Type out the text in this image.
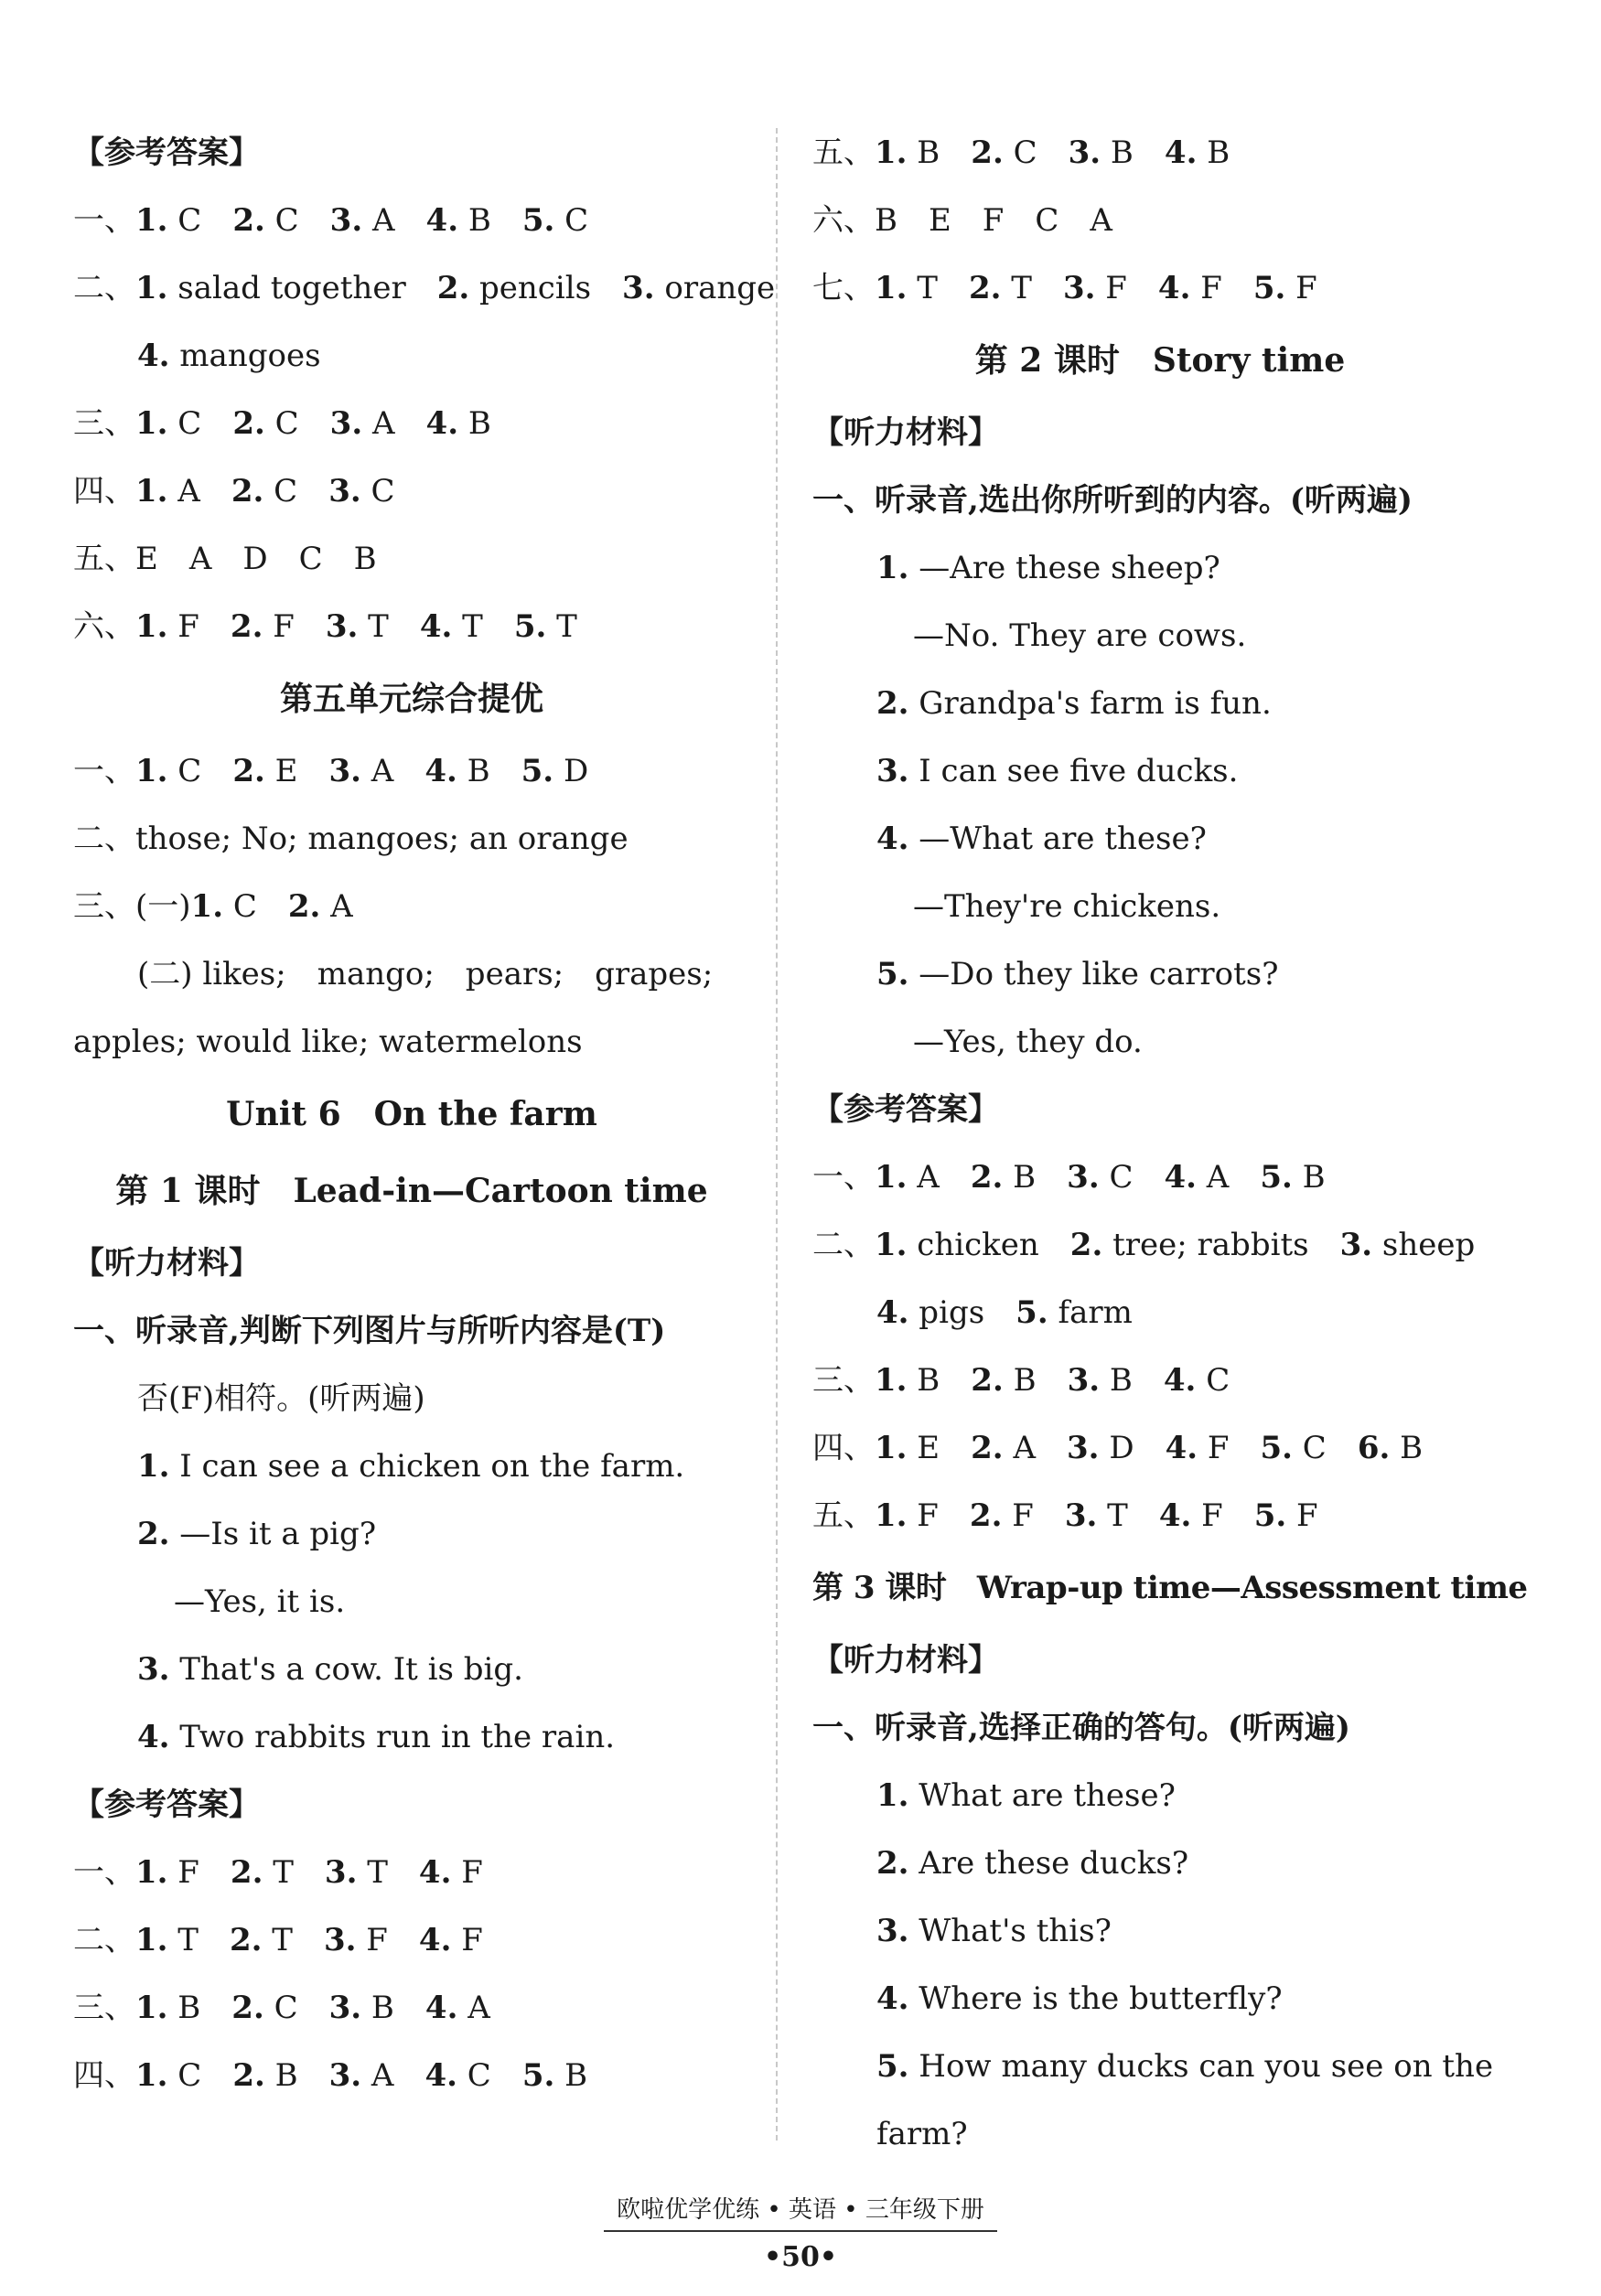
【参考答案】
一、1. C　2. C　3. A　4. B　5. C
二、1. salad together　2. pencils　3. orange
4. mangoes
三、1. C　2. C　3. A　4. B
四、1. A　2. C　3. C
五、E　A　D　C　B
六、1. F　2. F　3. T　4. T　5. T
第五单元综合提优
一、1. C　2. E　3. A　4. B　5. D
二、those; No; mangoes; an orange
三、(一)1. C　2. A
(二) likes;　mango;　pears;　grapes;
apples; would like; watermelons
Unit 6　On the farm
第 1 课时　Lead-in—Cartoon time
【听力材料】
一、听录音,判断下列图片与所听内容是(T)
否(F)相符。(听两遍)
1. I can see a chicken on the farm.
2. —Is it a pig?
—Yes, it is.
3. That's a cow. It is big.
4. Two rabbits run in the rain.
【参考答案】
一、1. F　2. T　3. T　4. F
二、1. T　2. T　3. F　4. F
三、1. B　2. C　3. B　4. A
四、1. C　2. B　3. A　4. C　5. B
五、1. B　2. C　3. B　4. B
六、B　E　F　C　A
七、1. T　2. T　3. F　4. F　5. F
第 2 课时　Story time
【听力材料】
一、听录音,选出你所听到的内容。(听两遍)
1. —Are these sheep?
—No. They are cows.
2. Grandpa's farm is fun.
3. I can see five ducks.
4. —What are these?
—They're chickens.
5. —Do they like carrots?
—Yes, they do.
【参考答案】
一、1. A　2. B　3. C　4. A　5. B
二、1. chicken　2. tree; rabbits　3. sheep
4. pigs　5. farm
三、1. B　2. B　3. B　4. C
四、1. E　2. A　3. D　4. F　5. C　6. B
五、1. F　2. F　3. T　4. F　5. F
第 3 课时　Wrap-up time—Assessment time
【听力材料】
一、听录音,选择正确的答句。(听两遍)
1. What are these?
2. Are these ducks?
3. What's this?
4. Where is the butterfly?
5. How many ducks can you see on the
farm?
欧啦优学优练 • 英语 • 三年级下册
•50•
